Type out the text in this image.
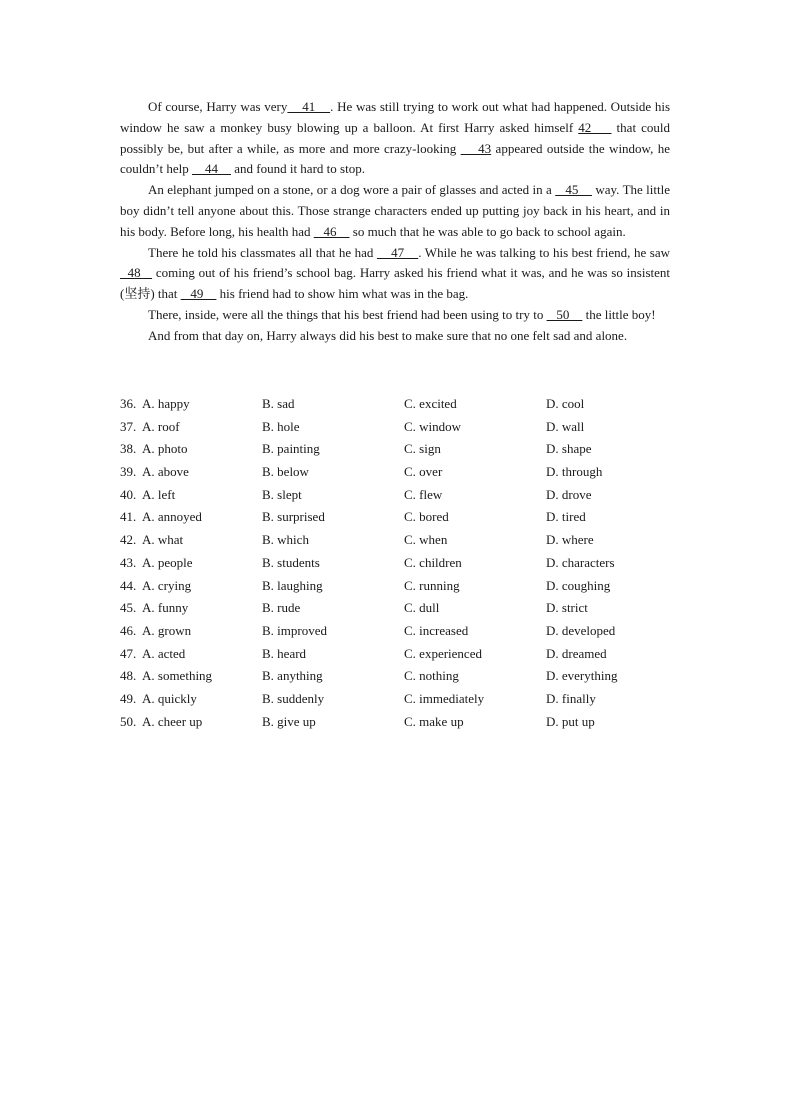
Of course, Harry was very    41    . He was still trying to work out what had happened. Outside his window he saw a monkey busy blowing up a balloon. At first Harry asked himself 42     that could possibly be, but after a while, as more and more crazy-looking     43 appeared outside the window, he couldn’t help     44     and found it hard to stop.

An elephant jumped on a stone, or a dog wore a pair of glasses and acted in a    45     way. The little boy didn’t tell anyone about this. Those strange characters ended up putting joy back in his heart, and in his body. Before long, his health had    46     so much that he was able to go back to school again.

There he told his classmates all that he had     47    . While he was talking to his best friend, he saw   48    coming out of his friend’s school bag. Harry asked his friend what it was, and he was so insistent (坚持) that    49     his friend had to show him what was in the bag.

There, inside, were all the things that his best friend had been using to try to    50     the little boy!

And from that day on, Harry always did his best to make sure that no one felt sad and alone.

36. A. happy	B. sad	C. excited	D. cool
37. A. roof	B. hole	C. window	D. wall
38. A. photo	B. painting	C. sign	D. shape
39. A. above	B. below	C. over	D. through
40. A. left	B. slept	C. flew	D. drove
41. A. annoyed	B. surprised	C. bored	D. tired
42. A. what	B. which	C. when	D. where
43. A. people	B. students	C. children	D. characters
44. A. crying	B. laughing	C. running	D. coughing
45. A. funny	B. rude	C. dull	D. strict
46. A. grown	B. improved	C. increased	D. developed
47. A. acted	B. heard	C. experienced	D. dreamed
48. A. something	B. anything	C. nothing	D. everything
49. A. quickly	B. suddenly	C. immediately	D. finally
50. A. cheer up	B. give up	C. make up	D. put up
